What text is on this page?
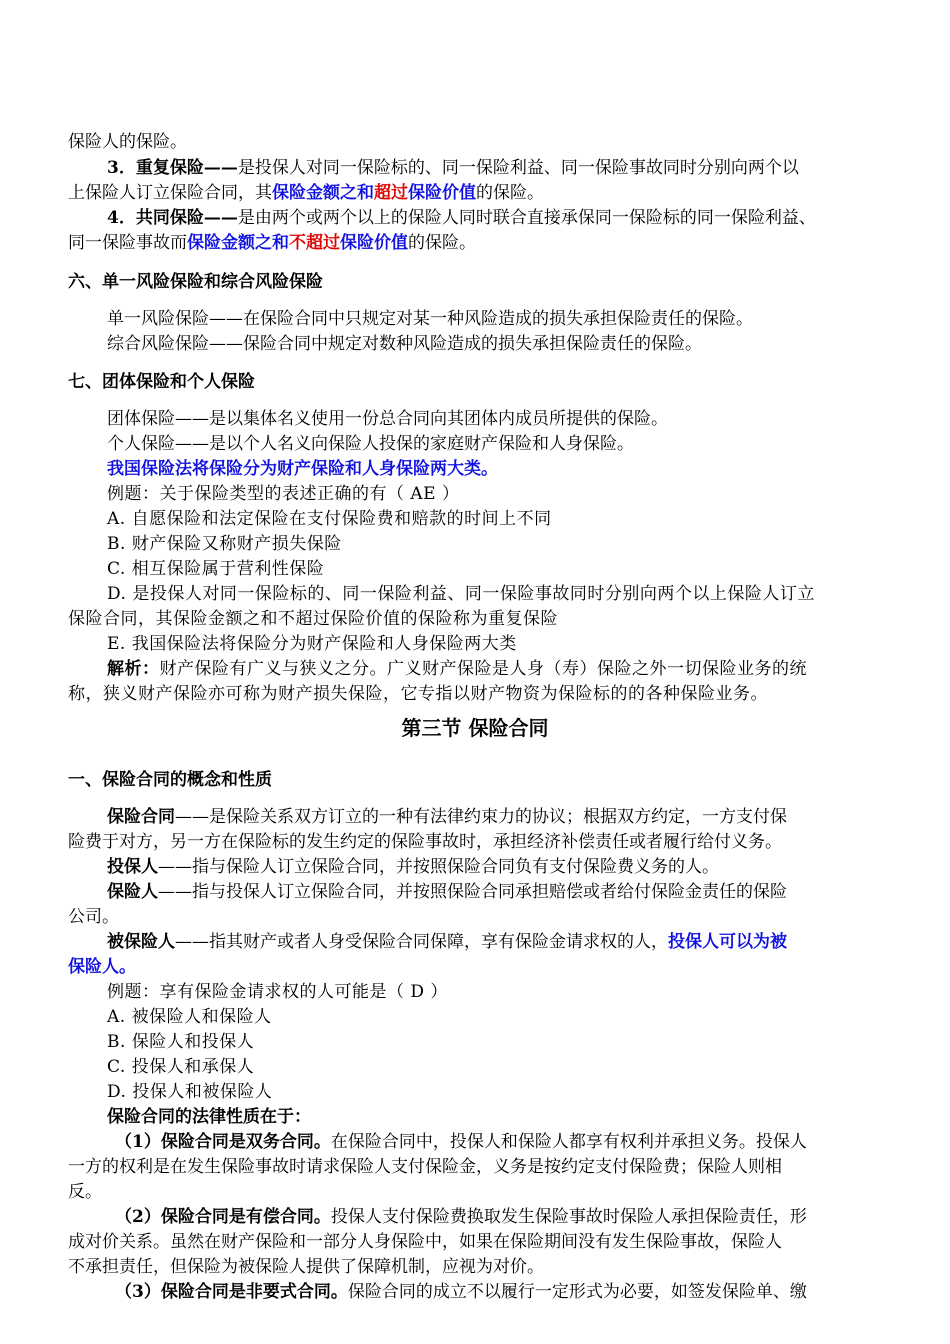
保险人的保险。
3．重复保险——是投保人对同一保险标的、同一保险利益、同一保险事故同时分别向两个以
上保险人订立保险合同，其保险金额之和超过保险价值的保险。
4．共同保险——是由两个或两个以上的保险人同时联合直接承保同一保险标的同一保险利益、
同一保险事故而保险金额之和不超过保险价值的保险。
六、单一风险保险和综合风险保险
单一风险保险——在保险合同中只规定对某一种风险造成的损失承担保险责任的保险。
综合风险保险——保险合同中规定对数种风险造成的损失承担保险责任的保险。
七、团体保险和个人保险
团体保险——是以集体名义使用一份总合同向其团体内成员所提供的保险。
个人保险——是以个人名义向保险人投保的家庭财产保险和人身保险。
我国保险法将保险分为财产保险和人身保险两大类。
例题：关于保险类型的表述正确的有（ AE ）
A. 自愿保险和法定保险在支付保险费和赔款的时间上不同
B. 财产保险又称财产损失保险
C. 相互保险属于营利性保险
D. 是投保人对同一保险标的、同一保险利益、同一保险事故同时分别向两个以上保险人订立
保险合同，其保险金额之和不超过保险价值的保险称为重复保险
E. 我国保险法将保险分为财产保险和人身保险两大类
解析：财产保险有广义与狭义之分。广义财产保险是人身（寿）保险之外一切保险业务的统
称，狭义财产保险亦可称为财产损失保险，它专指以财产物资为保险标的的各种保险业务。
第三节 保险合同
一、保险合同的概念和性质
保险合同——是保险关系双方订立的一种有法律约束力的协议；根据双方约定，一方支付保
险费于对方，另一方在保险标的发生约定的保险事故时，承担经济补偿责任或者履行给付义务。
投保人——指与保险人订立保险合同，并按照保险合同负有支付保险费义务的人。
保险人——指与投保人订立保险合同，并按照保险合同承担赔偿或者给付保险金责任的保险
公司。
被保险人——指其财产或者人身受保险合同保障，享有保险金请求权的人，投保人可以为被
保险人。
例题：享有保险金请求权的人可能是（ D ）
A. 被保险人和保险人
B. 保险人和投保人
C. 投保人和承保人
D. 投保人和被保险人
保险合同的法律性质在于：
（1）保险合同是双务合同。在保险合同中，投保人和保险人都享有权利并承担义务。投保人
一方的权利是在发生保险事故时请求保险人支付保险金，义务是按约定支付保险费；保险人则相
反。
（2）保险合同是有偿合同。投保人支付保险费换取发生保险事故时保险人承担保险责任，形
成对价关系。虽然在财产保险和一部分人身保险中，如果在保险期间没有发生保险事故，保险人
不承担责任，但保险为被保险人提供了保障机制，应视为对价。
（3）保险合同是非要式合同。保险合同的成立不以履行一定形式为必要，如签发保险单、缴
